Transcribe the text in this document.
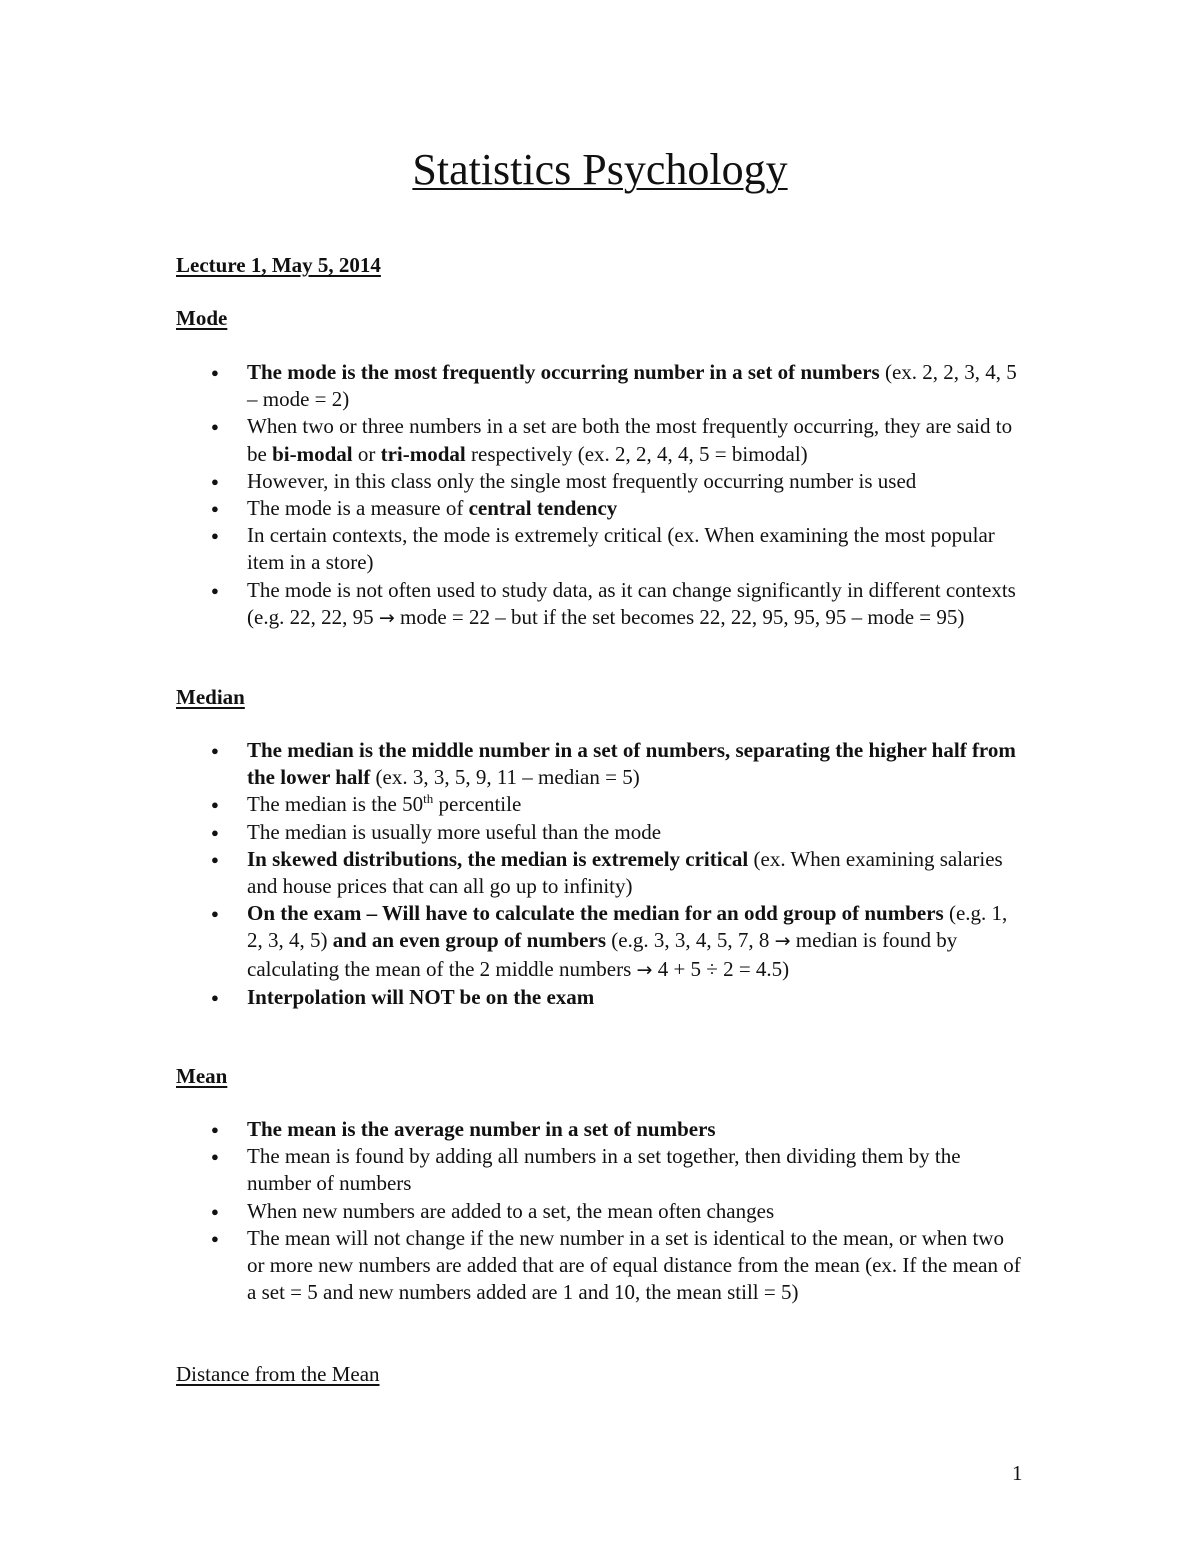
Statistics Psychology
Lecture 1, May 5, 2014
Mode
● The mode is the most frequently occurring number in a set of numbers (ex. 2, 2, 3, 4, 5 – mode = 2)
● When two or three numbers in a set are both the most frequently occurring, they are said to be bi-modal or tri-modal respectively (ex. 2, 2, 4, 4, 5 = bimodal)
● However, in this class only the single most frequently occurring number is used
● The mode is a measure of central tendency
● In certain contexts, the mode is extremely critical (ex. When examining the most popular item in a store)
● The mode is not often used to study data, as it can change significantly in different contexts (e.g. 22, 22, 95 → mode = 22 – but if the set becomes 22, 22, 95, 95, 95 – mode = 95)
Median
● The median is the middle number in a set of numbers, separating the higher half from the lower half (ex. 3, 3, 5, 9, 11 – median = 5)
● The median is the 50th percentile
● The median is usually more useful than the mode
● In skewed distributions, the median is extremely critical (ex. When examining salaries and house prices that can all go up to infinity)
● On the exam – Will have to calculate the median for an odd group of numbers (e.g. 1, 2, 3, 4, 5) and an even group of numbers (e.g. 3, 3, 4, 5, 7, 8 → median is found by calculating the mean of the 2 middle numbers → 4 + 5 ÷ 2 = 4.5)
● Interpolation will NOT be on the exam
Mean
● The mean is the average number in a set of numbers
● The mean is found by adding all numbers in a set together, then dividing them by the number of numbers
● When new numbers are added to a set, the mean often changes
● The mean will not change if the new number in a set is identical to the mean, or when two or more new numbers are added that are of equal distance from the mean (ex. If the mean of a set = 5 and new numbers added are 1 and 10, the mean still = 5)
Distance from the Mean
1
